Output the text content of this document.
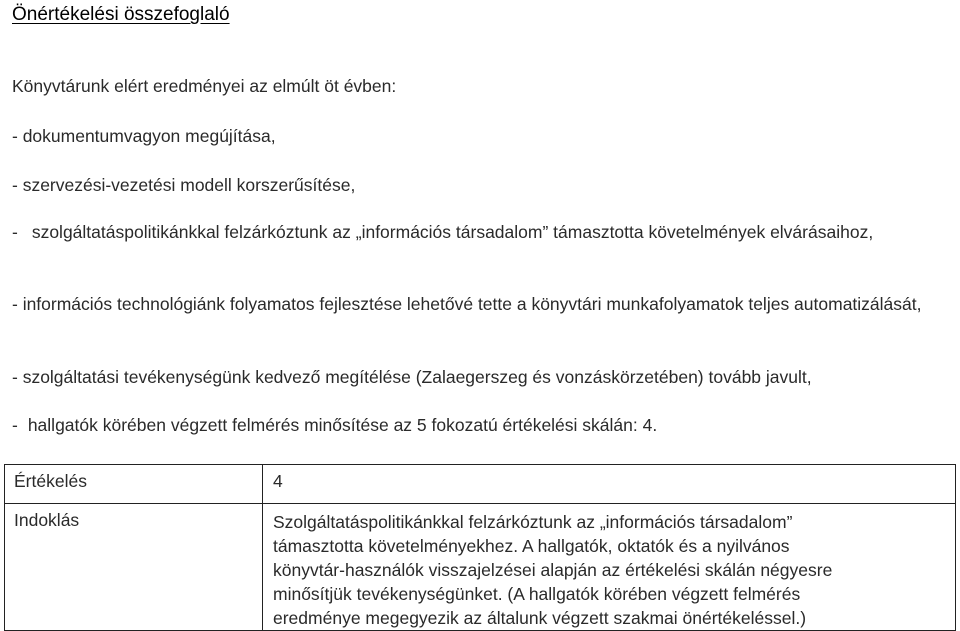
Önértékelési összefoglaló
Könyvtárunk elért eredményei az elmúlt öt évben:
- dokumentumvagyon megújítása,
- szervezési-vezetési modell korszerűsítése,
- szolgáltatáspolitikánkkal felzárkóztunk az „információs társadalom” támasztotta követelmények elvárásaihoz,
- információs technológiánk folyamatos fejlesztése lehetővé tette a könyvtári munkafolyamatok teljes automatizálását,
- szolgáltatási tevékenységünk kedvező megítélése (Zalaegerszeg és vonzáskörzetében) tovább javult,
- hallgatók körében végzett felmérés minősítése az 5 fokozatú értékelési skálán: 4.
Értékelés	4
Indoklás	Szolgáltatáspolitikánkkal felzárkóztunk az „információs társadalom”
támasztotta követelményekhez. A hallgatók, oktatók és a nyilvános
könyvtár-használók visszajelzései alapján az értékelési skálán négyesre
minősítjük tevékenységünket. (A hallgatók körében végzett felmérés
eredménye megegyezik az általunk végzett szakmai önértékeléssel.)
